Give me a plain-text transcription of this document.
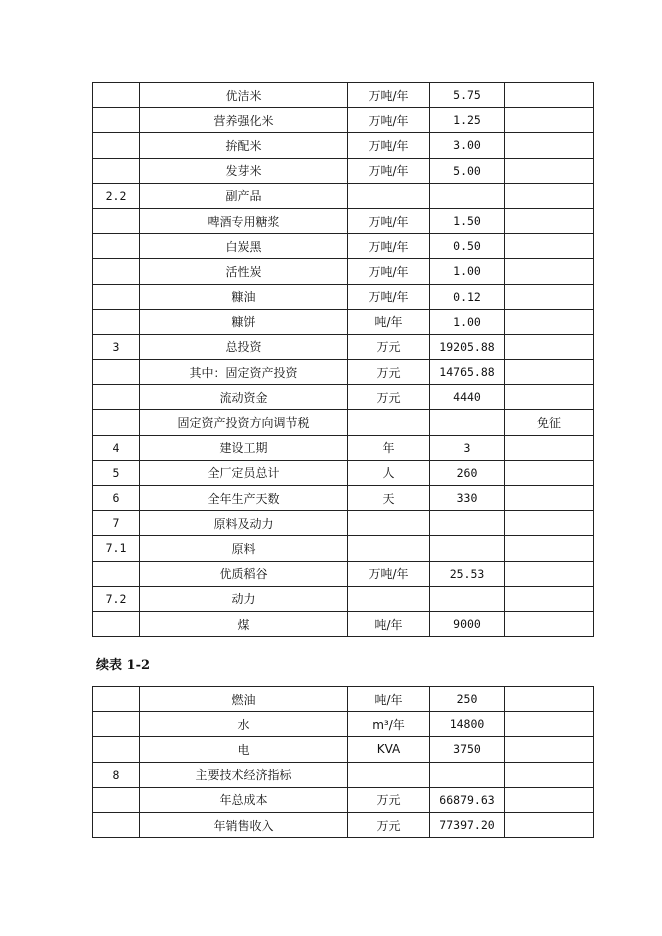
	优洁米	万吨/年	5.75	
	营养强化米	万吨/年	1.25	
	拚配米	万吨/年	3.00	
	发芽米	万吨/年	5.00	
2.2	副产品			
	啤酒专用糖浆	万吨/年	1.50	
	白炭黑	万吨/年	0.50	
	活性炭	万吨/年	1.00	
	糠油	万吨/年	0.12	
	糠饼	吨/年	1.00	
3	总投资	万元	19205.88	
	其中：固定资产投资	万元	14765.88	
	流动资金	万元	4440	
	固定资产投资方向调节税			免征
4	建设工期	年	3	
5	全厂定员总计	人	260	
6	全年生产天数	天	330	
7	原料及动力			
7.1	原料			
	优质稻谷	万吨/年	25.53	
7.2	动力			
	煤	吨/年	9000	
续表 1-2
	燃油	吨/年	250	
	水	m³/年	14800	
	电	KVA	3750	
8	主要技术经济指标			
	年总成本	万元	66879.63	
	年销售收入	万元	77397.20	
